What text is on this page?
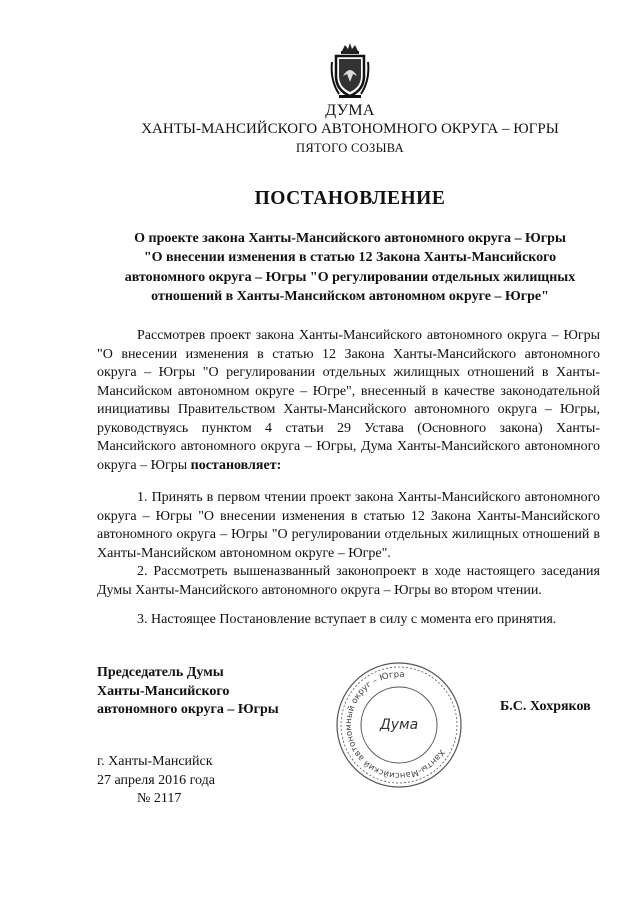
ДУМА
ХАНТЫ-МАНСИЙСКОГО АВТОНОМНОГО ОКРУГА – ЮГРЫ
ПЯТОГО СОЗЫВА
ПОСТАНОВЛЕНИЕ
О проекте закона Ханты-Мансийского автономного округа – Югры
"О внесении изменения в статью 12 Закона Ханты-Мансийского
автономного округа – Югры "О регулировании отдельных жилищных
отношений в Ханты-Мансийском автономном округе – Югре"

Рассмотрев проект закона Ханты-Мансийского автономного округа – Югры "О внесении изменения в статью 12 Закона Ханты-Мансийского автономного округа – Югры "О регулировании отдельных жилищных отношений в Ханты-Мансийском автономном округе – Югре", внесенный в качестве законодательной инициативы Правительством Ханты-Мансийского автономного округа – Югры, руководствуясь пунктом 4 статьи 29 Устава (Основного закона) Ханты-Мансийского автономного округа – Югры, Дума Ханты-Мансийского автономного округа – Югры постановляет:

1. Принять в первом чтении проект закона Ханты-Мансийского автономного округа – Югры "О внесении изменения в статью 12 Закона Ханты-Мансийского автономного округа – Югры "О регулировании отдельных жилищных отношений в Ханты-Мансийском автономном округе – Югре".

2. Рассмотреть вышеназванный законопроект в ходе настоящего заседания Думы Ханты-Мансийского автономного округа – Югры во втором чтении.

3. Настоящее Постановление вступает в силу с момента его принятия.

Председатель Думы
Ханты-Мансийского
автономного округа – Югры
Ханты-Мансийский автономный округ – Югра
Дума
Б.С. Хохряков
г. Ханты-Мансийск
27 апреля 2016 года
№ 2117
